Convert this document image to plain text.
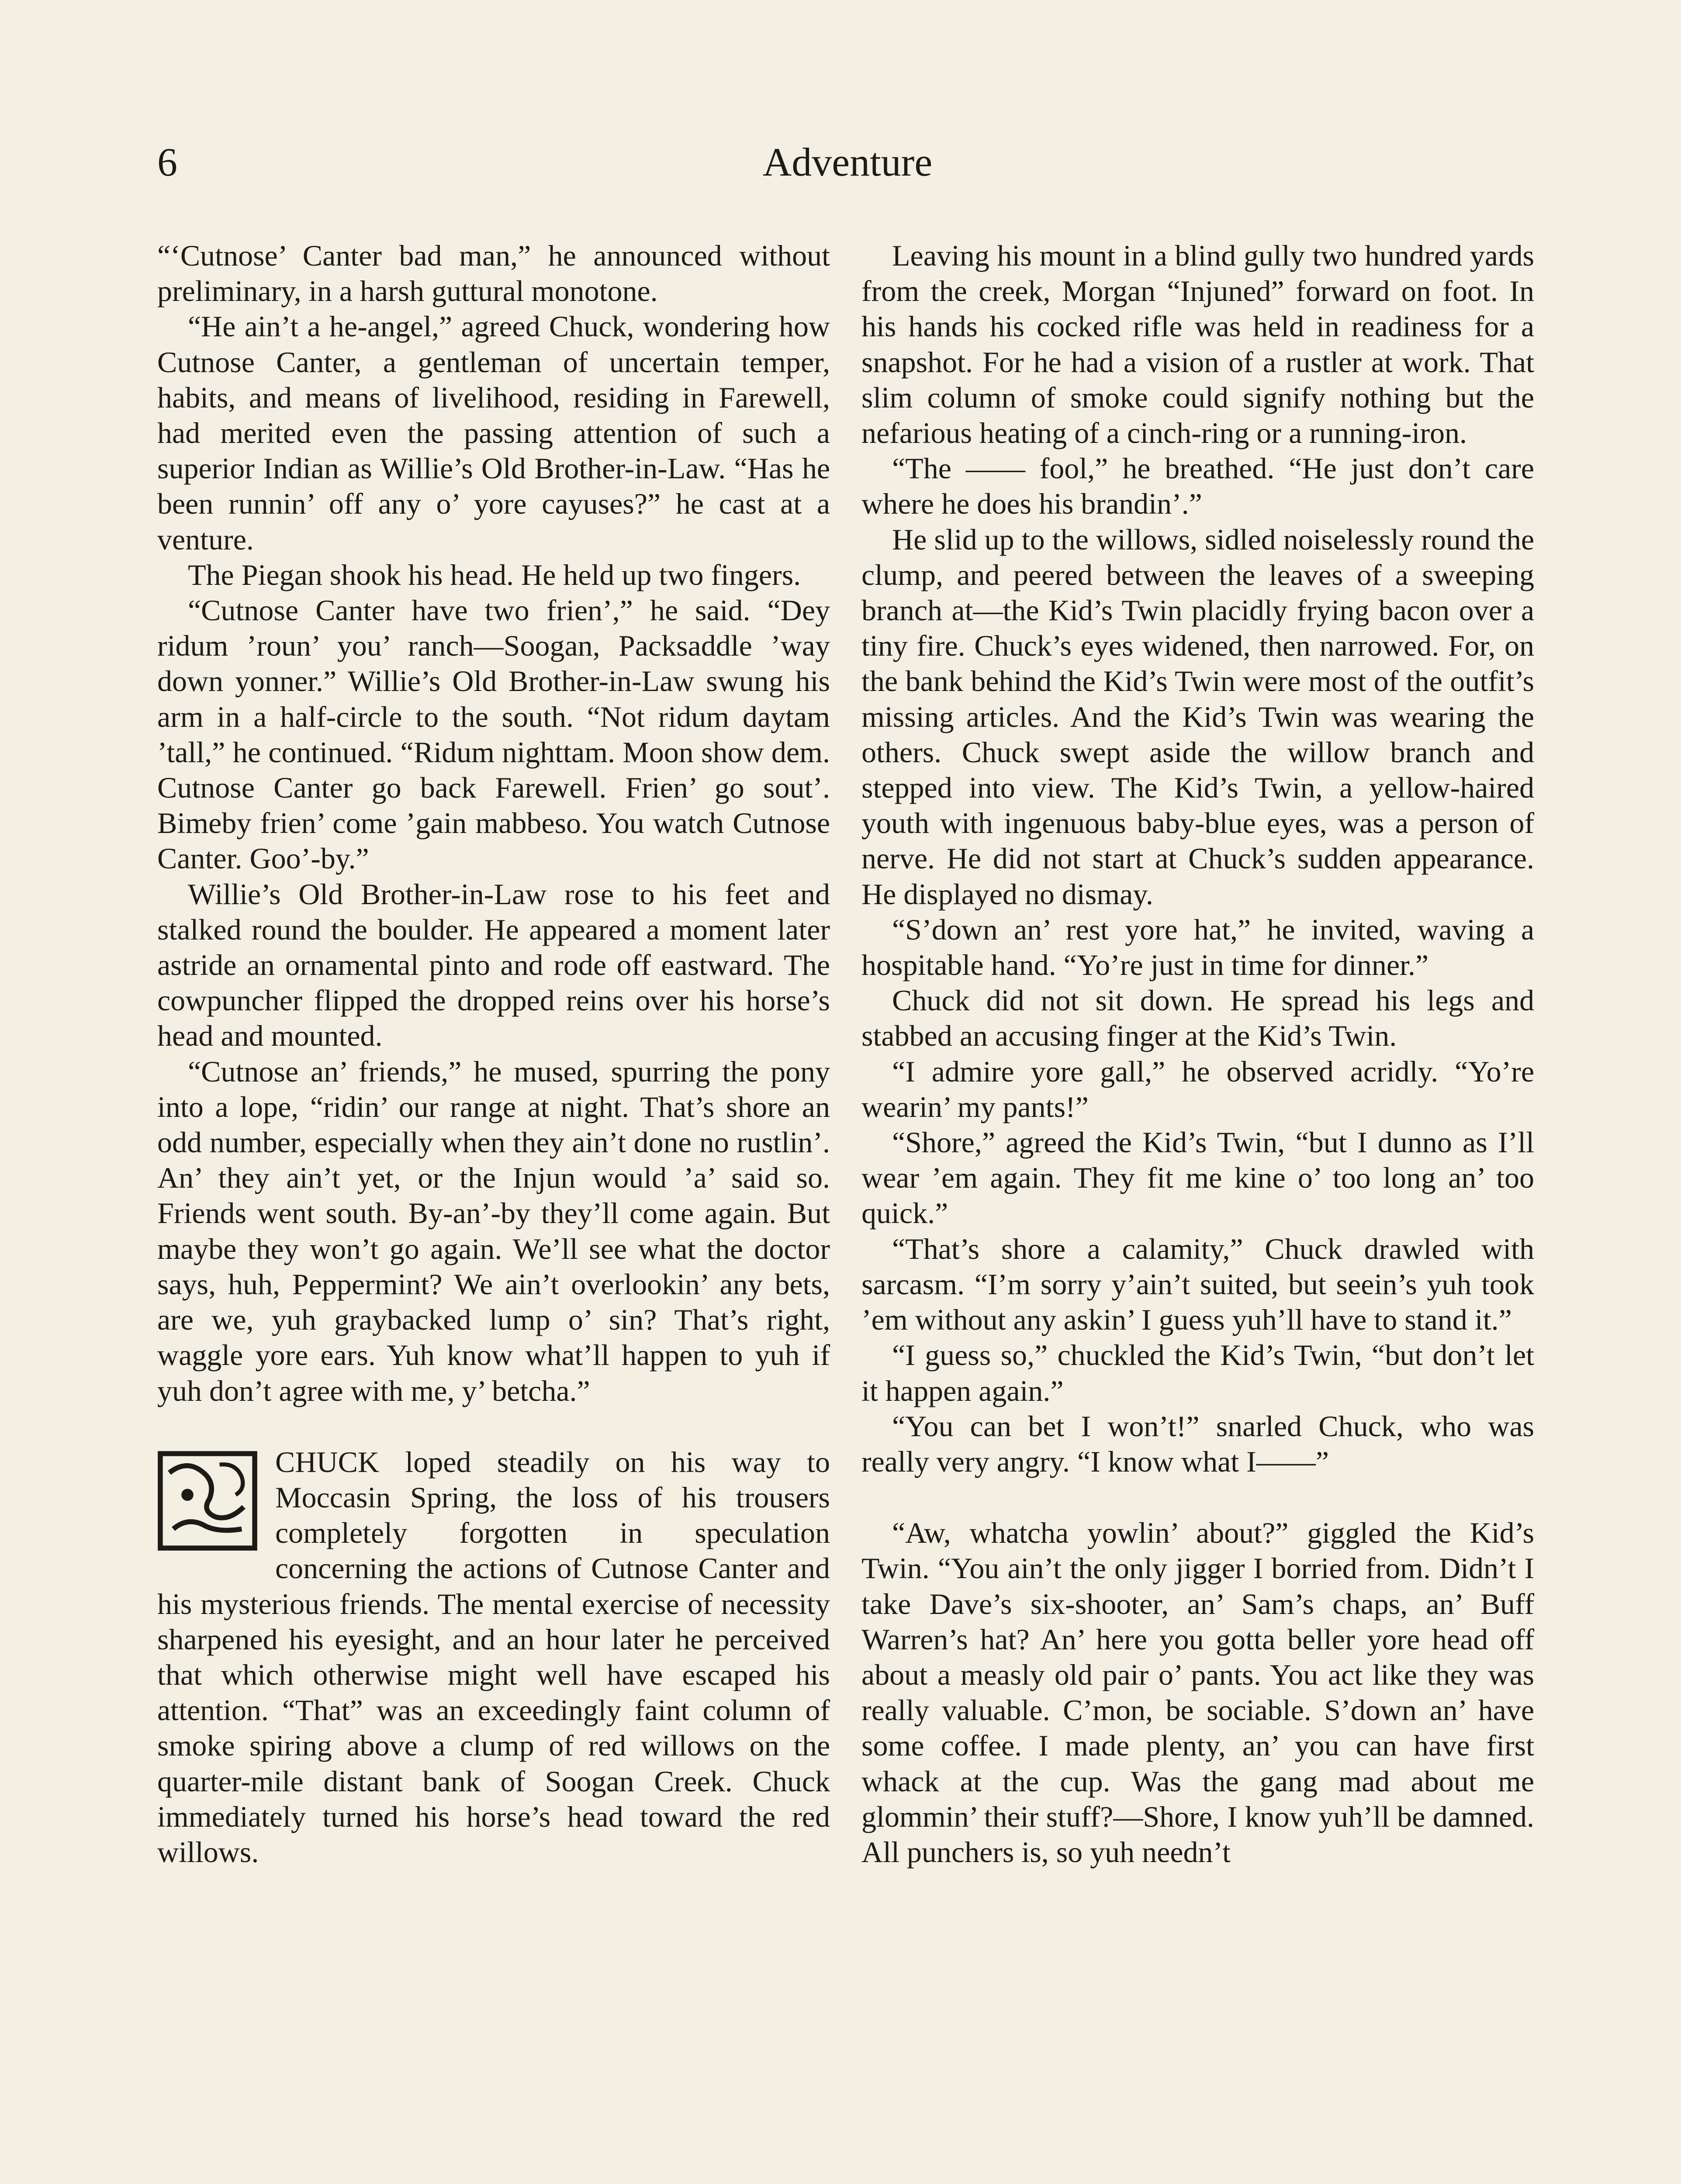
6	Adventure

“‘Cutnose’ Canter bad man,” he announced without preliminary, in a harsh guttural monotone.

“He ain’t a he-angel,” agreed Chuck, wondering how Cutnose Canter, a gentleman of uncertain temper, habits, and means of livelihood, residing in Farewell, had merited even the passing attention of such a superior Indian as Willie’s Old Brother-in-Law. “Has he been runnin’ off any o’ yore cayuses?” he cast at a venture.

The Piegan shook his head. He held up two fingers.

“Cutnose Canter have two frien’,” he said. “Dey ridum ’roun’ you’ ranch—Soogan, Packsaddle ’way down yonner.” Willie’s Old Brother-in-Law swung his arm in a half-circle to the south. “Not ridum daytam ’tall,” he continued. “Ridum nighttam. Moon show dem. Cutnose Canter go back Farewell. Frien’ go sout’. Bimeby frien’ come ’gain mabbeso. You watch Cutnose Canter. Goo’-by.”

Willie’s Old Brother-in-Law rose to his feet and stalked round the boulder. He appeared a moment later astride an ornamental pinto and rode off eastward. The cowpuncher flipped the dropped reins over his horse’s head and mounted.

“Cutnose an’ friends,” he mused, spurring the pony into a lope, “ridin’ our range at night. That’s shore an odd number, especially when they ain’t done no rustlin’. An’ they ain’t yet, or the Injun would ’a’ said so. Friends went south. By-an’-by they’ll come again. But maybe they won’t go again. We’ll see what the doctor says, huh, Peppermint? We ain’t overlookin’ any bets, are we, yuh graybacked lump o’ sin? That’s right, waggle yore ears. Yuh know what’ll happen to yuh if yuh don’t agree with me, y’ betcha.”

CHUCK loped steadily on his way to Moccasin Spring, the loss of his trousers completely forgotten in speculation concerning the actions of Cutnose Canter and his mysterious friends. The mental exercise of necessity sharpened his eyesight, and an hour later he perceived that which otherwise might well have escaped his attention. “That” was an exceedingly faint column of smoke spiring above a clump of red willows on the quarter-mile distant bank of Soogan Creek. Chuck immediately turned his horse’s head toward the red willows.

Leaving his mount in a blind gully two hundred yards from the creek, Morgan “Injuned” forward on foot. In his hands his cocked rifle was held in readiness for a snapshot. For he had a vision of a rustler at work. That slim column of smoke could signify nothing but the nefarious heating of a cinch-ring or a running-iron.

“The —— fool,” he breathed. “He just don’t care where he does his brandin’.”

He slid up to the willows, sidled noiselessly round the clump, and peered between the leaves of a sweeping branch at—the Kid’s Twin placidly frying bacon over a tiny fire. Chuck’s eyes widened, then narrowed. For, on the bank behind the Kid’s Twin were most of the outfit’s missing articles. And the Kid’s Twin was wearing the others. Chuck swept aside the willow branch and stepped into view. The Kid’s Twin, a yellow-haired youth with ingenuous baby-blue eyes, was a person of nerve. He did not start at Chuck’s sudden appearance. He displayed no dismay.

“S’down an’ rest yore hat,” he invited, waving a hospitable hand. “Yo’re just in time for dinner.”

Chuck did not sit down. He spread his legs and stabbed an accusing finger at the Kid’s Twin.

“I admire yore gall,” he observed acridly. “Yo’re wearin’ my pants!”

“Shore,” agreed the Kid’s Twin, “but I dunno as I’ll wear ’em again. They fit me kine o’ too long an’ too quick.”

“That’s shore a calamity,” Chuck drawled with sarcasm. “I’m sorry y’ain’t suited, but seein’s yuh took ’em without any askin’ I guess yuh’ll have to stand it.”

“I guess so,” chuckled the Kid’s Twin, “but don’t let it happen again.”

“You can bet I won’t!” snarled Chuck, who was really very angry. “I know what I——”

“Aw, whatcha yowlin’ about?” giggled the Kid’s Twin. “You ain’t the only jigger I borried from. Didn’t I take Dave’s six-shooter, an’ Sam’s chaps, an’ Buff Warren’s hat? An’ here you gotta beller yore head off about a measly old pair o’ pants. You act like they was really valuable. C’mon, be sociable. S’down an’ have some coffee. I made plenty, an’ you can have first whack at the cup. Was the gang mad about me glommin’ their stuff?—Shore, I know yuh’ll be damned. All punchers is, so yuh needn’t
